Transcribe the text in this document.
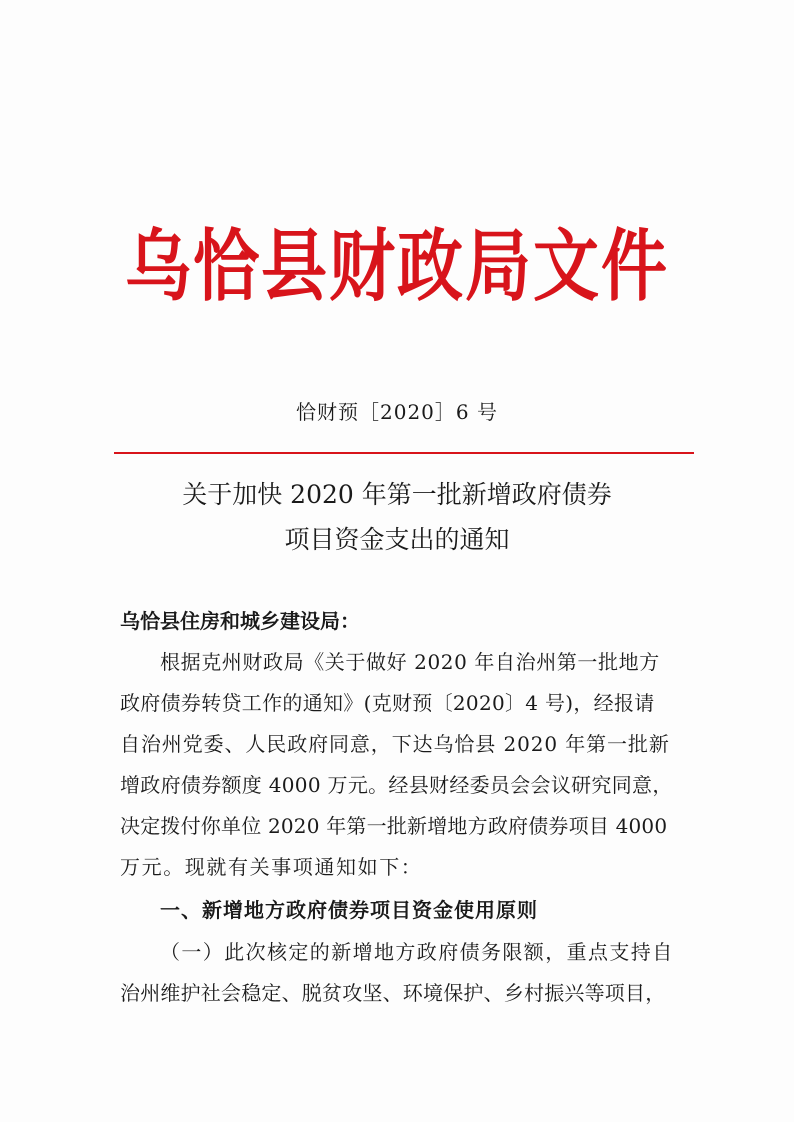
乌恰县财政局文件
恰财预［2020］6 号
关于加快 2020 年第一批新增政府债券
项目资金支出的通知
乌恰县住房和城乡建设局：
根据克州财政局《关于做好 2020 年自治州第一批地方
政府债券转贷工作的通知》(克财预〔2020〕4 号)，经报请
自治州党委、人民政府同意，下达乌恰县 2020 年第一批新
增政府债券额度 4000 万元。经县财经委员会会议研究同意，
决定拨付你单位 2020 年第一批新增地方政府债券项目 4000
万元。现就有关事项通知如下：
一、新增地方政府债券项目资金使用原则
（一）此次核定的新增地方政府债务限额，重点支持自
治州维护社会稳定、脱贫攻坚、环境保护、乡村振兴等项目，
